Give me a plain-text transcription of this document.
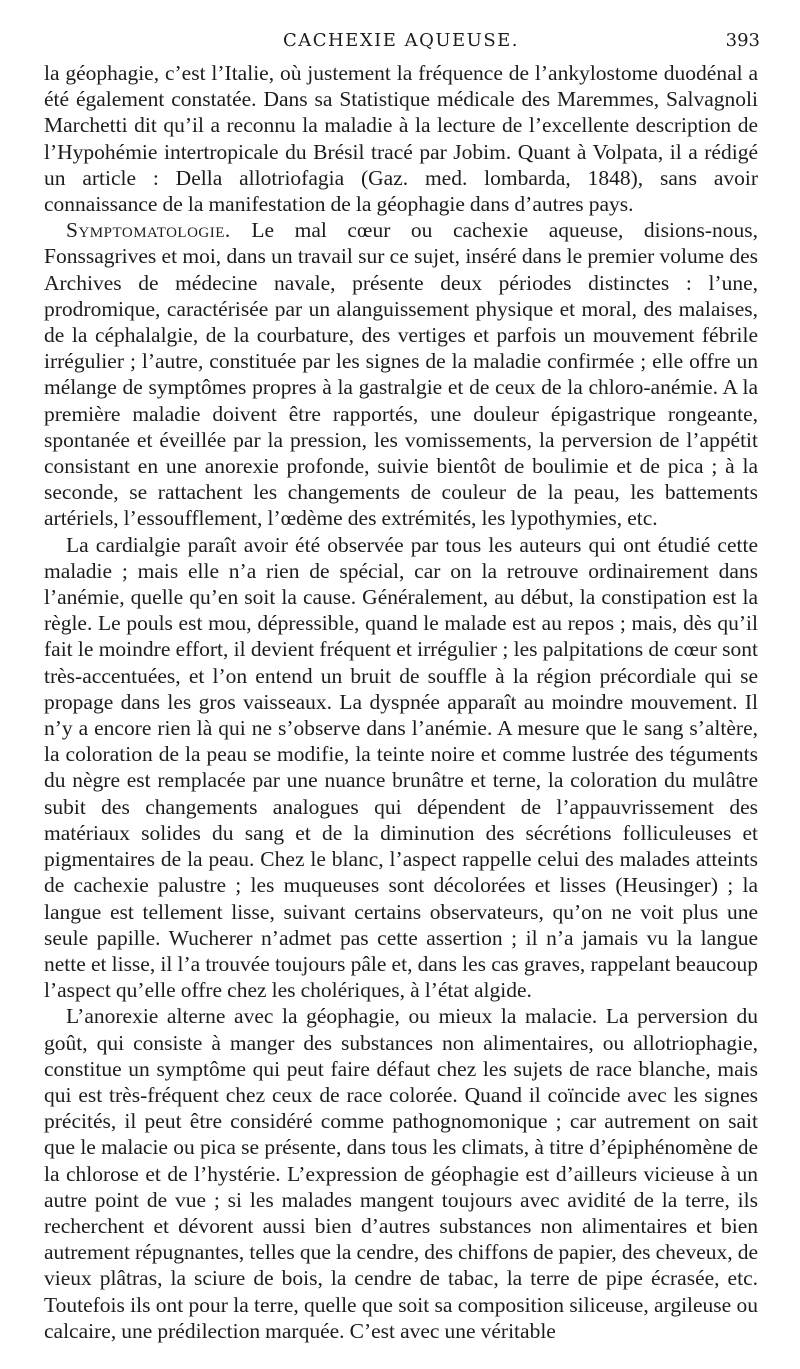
CACHEXIE AQUEUSE.	393

la géophagie, c’est l’Italie, où justement la fréquence de l’ankylostome duodénal a été également constatée. Dans sa Statistique médicale des Maremmes, Salvagnoli Marchetti dit qu’il a reconnu la maladie à la lecture de l’excellente description de l’Hypohémie intertropicale du Brésil tracé par Jobim. Quant à Volpata, il a rédigé un article : Della allotriofagia (Gaz. med. lombarda, 1848), sans avoir connaissance de la manifestation de la géophagie dans d’autres pays.

Symptomatologie. Le mal cœur ou cachexie aqueuse, disions-nous, Fonssagrives et moi, dans un travail sur ce sujet, inséré dans le premier volume des Archives de médecine navale, présente deux périodes distinctes : l’une, prodromique, caractérisée par un alanguissement physique et moral, des malaises, de la céphalalgie, de la courbature, des vertiges et parfois un mouvement fébrile irrégulier ; l’autre, constituée par les signes de la maladie confirmée ; elle offre un mélange de symptômes propres à la gastralgie et de ceux de la chloro-anémie. A la première maladie doivent être rapportés, une douleur épigastrique rongeante, spontanée et éveillée par la pression, les vomissements, la perversion de l’appétit consistant en une anorexie profonde, suivie bientôt de boulimie et de pica ; à la seconde, se rattachent les changements de couleur de la peau, les battements artériels, l’essoufflement, l’œdème des extrémités, les lypothymies, etc.

La cardialgie paraît avoir été observée par tous les auteurs qui ont étudié cette maladie ; mais elle n’a rien de spécial, car on la retrouve ordinairement dans l’anémie, quelle qu’en soit la cause. Généralement, au début, la constipation est la règle. Le pouls est mou, dépressible, quand le malade est au repos ; mais, dès qu’il fait le moindre effort, il devient fréquent et irrégulier ; les palpitations de cœur sont très-accentuées, et l’on entend un bruit de souffle à la région précordiale qui se propage dans les gros vaisseaux. La dyspnée apparaît au moindre mouvement. Il n’y a encore rien là qui ne s’observe dans l’anémie. A mesure que le sang s’altère, la coloration de la peau se modifie, la teinte noire et comme lustrée des téguments du nègre est remplacée par une nuance brunâtre et terne, la coloration du mulâtre subit des changements analogues qui dépendent de l’appauvrissement des matériaux solides du sang et de la diminution des sécrétions folliculeuses et pigmentaires de la peau. Chez le blanc, l’aspect rappelle celui des malades atteints de cachexie palustre ; les muqueuses sont décolorées et lisses (Heusinger) ; la langue est tellement lisse, suivant certains observateurs, qu’on ne voit plus une seule papille. Wucherer n’admet pas cette assertion ; il n’a jamais vu la langue nette et lisse, il l’a trouvée toujours pâle et, dans les cas graves, rappelant beaucoup l’aspect qu’elle offre chez les cholériques, à l’état algide.

L’anorexie alterne avec la géophagie, ou mieux la malacie. La perversion du goût, qui consiste à manger des substances non alimentaires, ou allotriophagie, constitue un symptôme qui peut faire défaut chez les sujets de race blanche, mais qui est très-fréquent chez ceux de race colorée. Quand il coïncide avec les signes précités, il peut être considéré comme pathognomonique ; car autrement on sait que le malacie ou pica se présente, dans tous les climats, à titre d’épiphénomène de la chlorose et de l’hystérie. L’expression de géophagie est d’ailleurs vicieuse à un autre point de vue ; si les malades mangent toujours avec avidité de la terre, ils recherchent et dévorent aussi bien d’autres substances non alimentaires et bien autrement répugnantes, telles que la cendre, des chiffons de papier, des cheveux, de vieux plâtras, la sciure de bois, la cendre de tabac, la terre de pipe écrasée, etc. Toutefois ils ont pour la terre, quelle que soit sa composition siliceuse, argileuse ou calcaire, une prédilection marquée. C’est avec une véritable
